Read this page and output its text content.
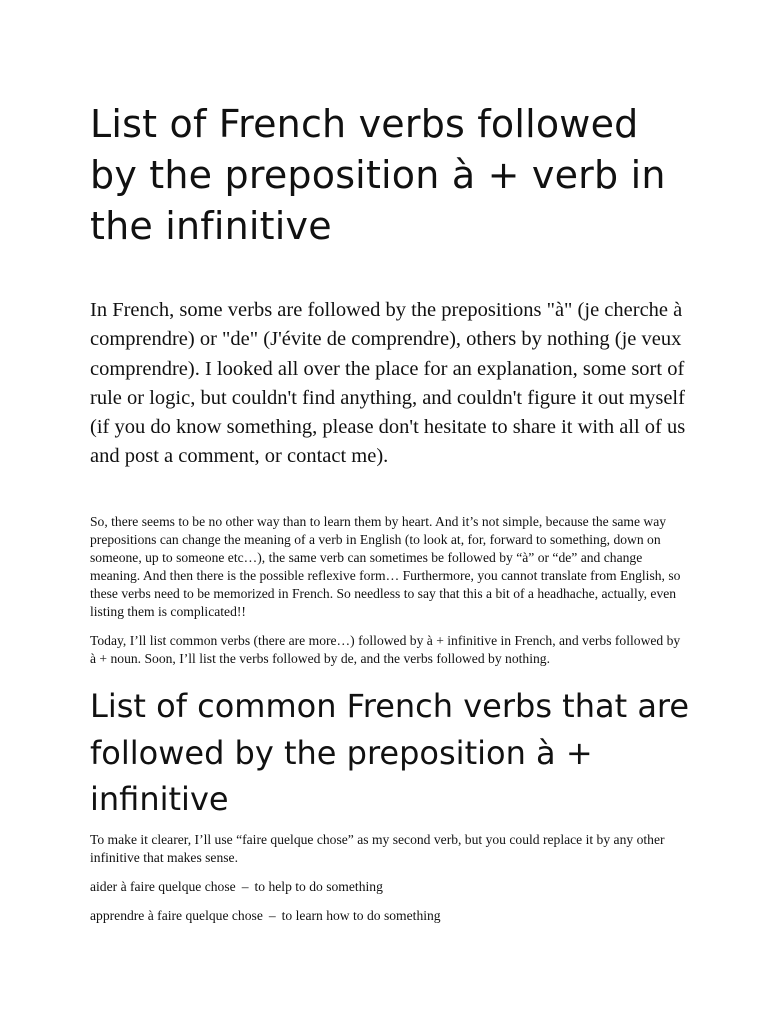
List of French verbs followed by the preposition à + verb in the infinitive

In French, some verbs are followed by the prepositions "à" (je cherche à comprendre) or "de" (J'évite de comprendre), others by nothing (je veux comprendre). I looked all over the place for an explanation, some sort of rule or logic, but couldn't find anything, and couldn't figure it out myself (if you do know something, please don't hesitate to share it with all of us and post a comment, or contact me).

So, there seems to be no other way than to learn them by heart. And it’s not simple, because the same way prepositions can change the meaning of a verb in English (to look at, for, forward to something, down on someone, up to someone etc…), the same verb can sometimes be followed by “à” or “de” and change meaning. And then there is the possible reflexive form… Furthermore, you cannot translate from English, so these verbs need to be memorized in French. So needless to say that this a bit of a headhache, actually, even listing them is complicated!!

Today, I’ll list common verbs (there are more…) followed by à + infinitive in French, and verbs followed by à + noun. Soon, I’ll list the verbs followed by de, and the verbs followed by nothing.

List of common French verbs that are followed by the preposition à + infinitive

To make it clearer, I’ll use “faire quelque chose” as my second verb, but you could replace it by any other infinitive that makes sense.

aider à faire quelque chose – to help to do something

apprendre à faire quelque chose – to learn how to do something
